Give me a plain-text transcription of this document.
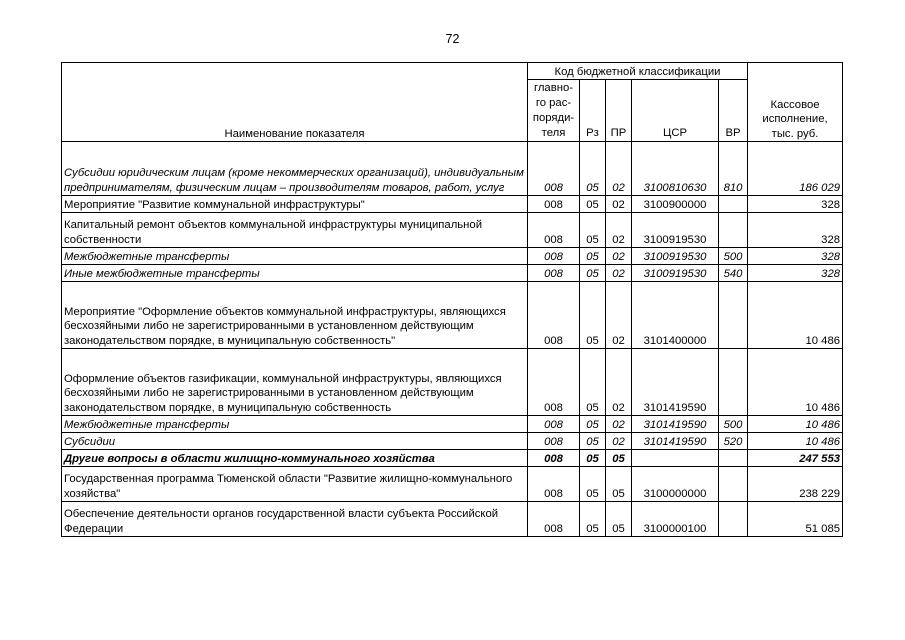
72
Наименование показателя	Код бюджетной классификации					Кассовое исполнение, тыс. руб.
	главно-го рас-поряди-теля	Рз	ПР	ЦСР	ВР	
Субсидии юридическим лицам (кроме некоммерческих организаций), индивидуальным предпринимателям, физическим лицам – производителям товаров, работ, услуг	008	05	02	3100810630	810	186 029
Мероприятие "Развитие коммунальной инфраструктуры"	008	05	02	3100900000		328
Капитальный ремонт объектов коммунальной инфраструктуры муниципальной собственности	008	05	02	3100919530		328
Межбюджетные трансферты	008	05	02	3100919530	500	328
Иные межбюджетные трансферты	008	05	02	3100919530	540	328
Мероприятие "Оформление объектов коммунальной инфраструктуры, являющихся бесхозяйными либо не зарегистрированными в установленном действующим законодательством порядке, в муниципальную собственность"	008	05	02	3101400000		10 486
Оформление объектов газификации, коммунальной инфраструктуры, являющихся бесхозяйными либо не зарегистрированными в установленном действующим законодательством порядке, в муниципальную собственность	008	05	02	3101419590		10 486
Межбюджетные трансферты	008	05	02	3101419590	500	10 486
Субсидии	008	05	02	3101419590	520	10 486
Другие вопросы в области жилищно-коммунального хозяйства	008	05	05			247 553
Государственная программа Тюменской области "Развитие жилищно-коммунального хозяйства"	008	05	05	3100000000		238 229
Обеспечение деятельности органов государственной власти субъекта Российской Федерации	008	05	05	3100000100		51 085
